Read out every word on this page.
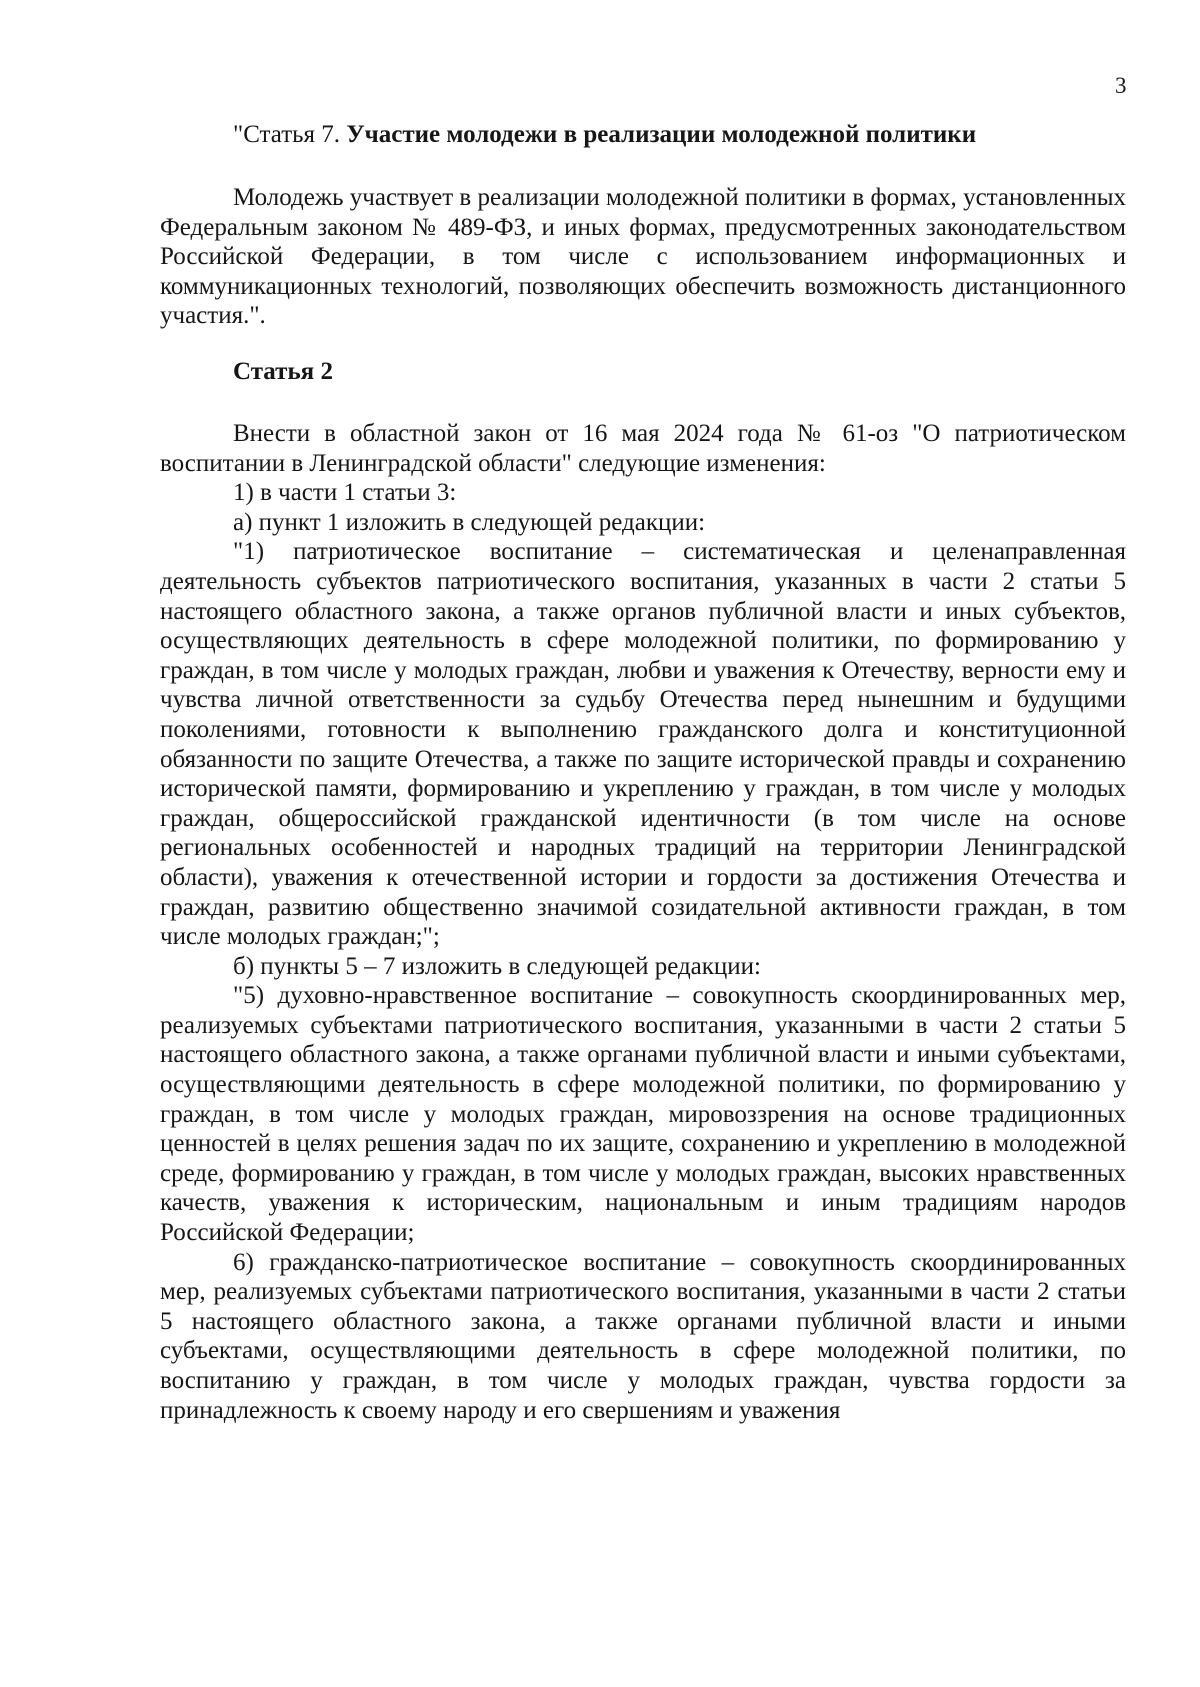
3
"Статья 7. Участие молодежи в реализации молодежной политики

Молодежь участвует в реализации молодежной политики в формах, установленных Федеральным законом № 489-ФЗ, и иных формах, предусмотренных законодательством Российской Федерации, в том числе с использованием информационных и коммуникационных технологий, позволяющих обеспечить возможность дистанционного участия.".

Статья 2

Внести в областной закон от 16 мая 2024 года № 61-оз "О патриотическом воспитании в Ленинградской области" следующие изменения:

1) в части 1 статьи 3:

а) пункт 1 изложить в следующей редакции:

"1) патриотическое воспитание – систематическая и целенаправленная деятельность субъектов патриотического воспитания, указанных в части 2 статьи 5 настоящего областного закона, а также органов публичной власти и иных субъектов, осуществляющих деятельность в сфере молодежной политики, по формированию у граждан, в том числе у молодых граждан, любви и уважения к Отечеству, верности ему и чувства личной ответственности за судьбу Отечества перед нынешним и будущими поколениями, готовности к выполнению гражданского долга и конституционной обязанности по защите Отечества, а также по защите исторической правды и сохранению исторической памяти, формированию и укреплению у граждан, в том числе у молодых граждан, общероссийской гражданской идентичности (в том числе на основе региональных особенностей и народных традиций на территории Ленинградской области), уважения к отечественной истории и гордости за достижения Отечества и граждан, развитию общественно значимой созидательной активности граждан, в том числе молодых граждан;";

б) пункты 5 – 7 изложить в следующей редакции:

"5) духовно-нравственное воспитание – совокупность скоординированных мер, реализуемых субъектами патриотического воспитания, указанными в части 2 статьи 5 настоящего областного закона, а также органами публичной власти и иными субъектами, осуществляющими деятельность в сфере молодежной политики, по формированию у граждан, в том числе у молодых граждан, мировоззрения на основе традиционных ценностей в целях решения задач по их защите, сохранению и укреплению в молодежной среде, формированию у граждан, в том числе у молодых граждан, высоких нравственных качеств, уважения к историческим, национальным и иным традициям народов Российской Федерации;

6) гражданско-патриотическое воспитание – совокупность скоординированных мер, реализуемых субъектами патриотического воспитания, указанными в части 2 статьи 5 настоящего областного закона, а также органами публичной власти и иными субъектами, осуществляющими деятельность в сфере молодежной политики, по воспитанию у граждан, в том числе у молодых граждан, чувства гордости за принадлежность к своему народу и его свершениям и уважения
